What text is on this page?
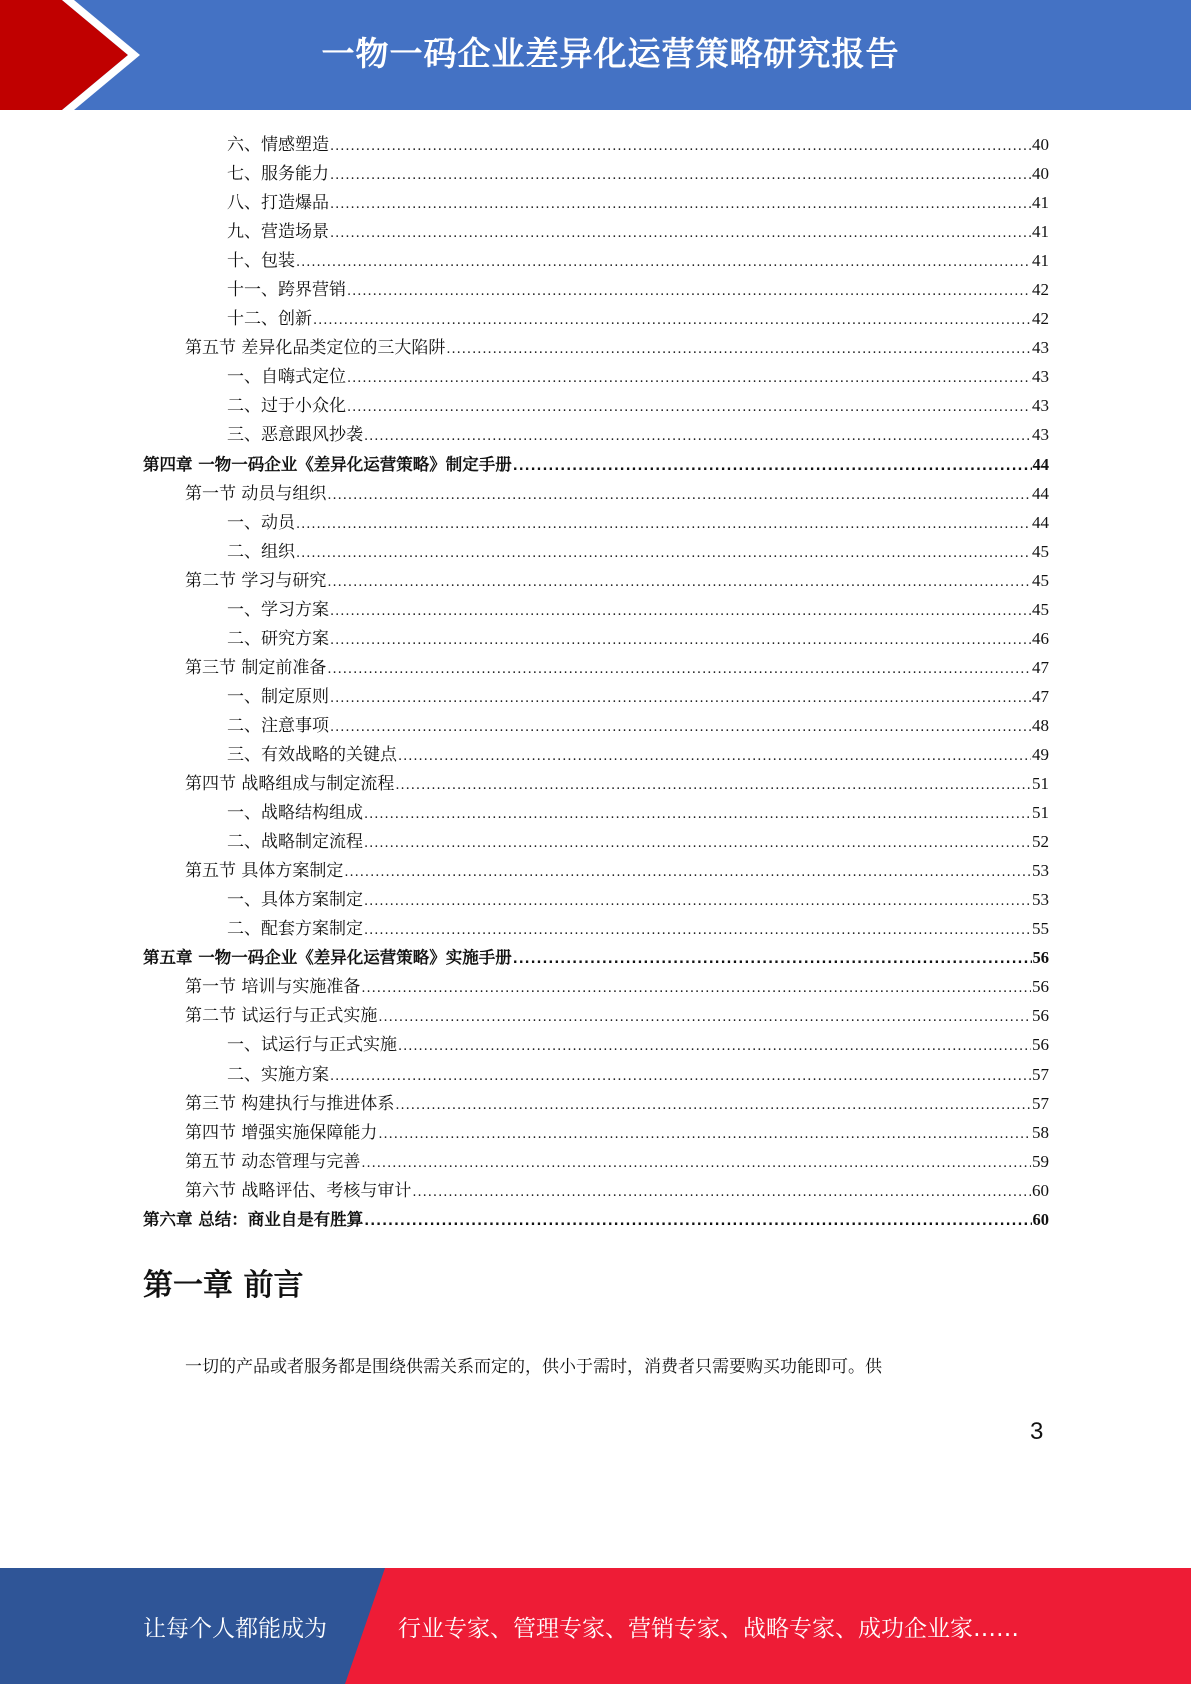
一物一码企业差异化运营策略研究报告
六、情感塑造 .....	40
七、服务能力 .....	40
八、打造爆品 .....	41
九、营造场景 .....	41
十、包装 .....	41
十一、跨界营销 .....	42
十二、创新 .....	42
第五节 差异化品类定位的三大陷阱 .....	43
一、自嗨式定位 .....	43
二、过于小众化 .....	43
三、恶意跟风抄袭 .....	43
第四章 一物一码企业《差异化运营策略》制定手册 .....	44
第一节 动员与组织 .....	44
一、动员 .....	44
二、组织 .....	45
第二节 学习与研究 .....	45
一、学习方案 .....	45
二、研究方案 .....	46
第三节 制定前准备 .....	47
一、制定原则 .....	47
二、注意事项 .....	48
三、有效战略的关键点 .....	49
第四节 战略组成与制定流程 .....	51
一、战略结构组成 .....	51
二、战略制定流程 .....	52
第五节 具体方案制定 .....	53
一、具体方案制定 .....	53
二、配套方案制定 .....	55
第五章 一物一码企业《差异化运营策略》实施手册 .....	56
第一节 培训与实施准备 .....	56
第二节 试运行与正式实施 .....	56
一、试运行与正式实施 .....	56
二、实施方案 .....	57
第三节 构建执行与推进体系 .....	57
第四节 增强实施保障能力 .....	58
第五节 动态管理与完善 .....	59
第六节 战略评估、考核与审计 .....	60
第六章 总结：商业自是有胜算 .....	60
第一章 前言
一切的产品或者服务都是围绕供需关系而定的，供小于需时，消费者只需要购买功能即可。供
3
让每个人都能成为	行业专家、管理专家、营销专家、战略专家、成功企业家……
